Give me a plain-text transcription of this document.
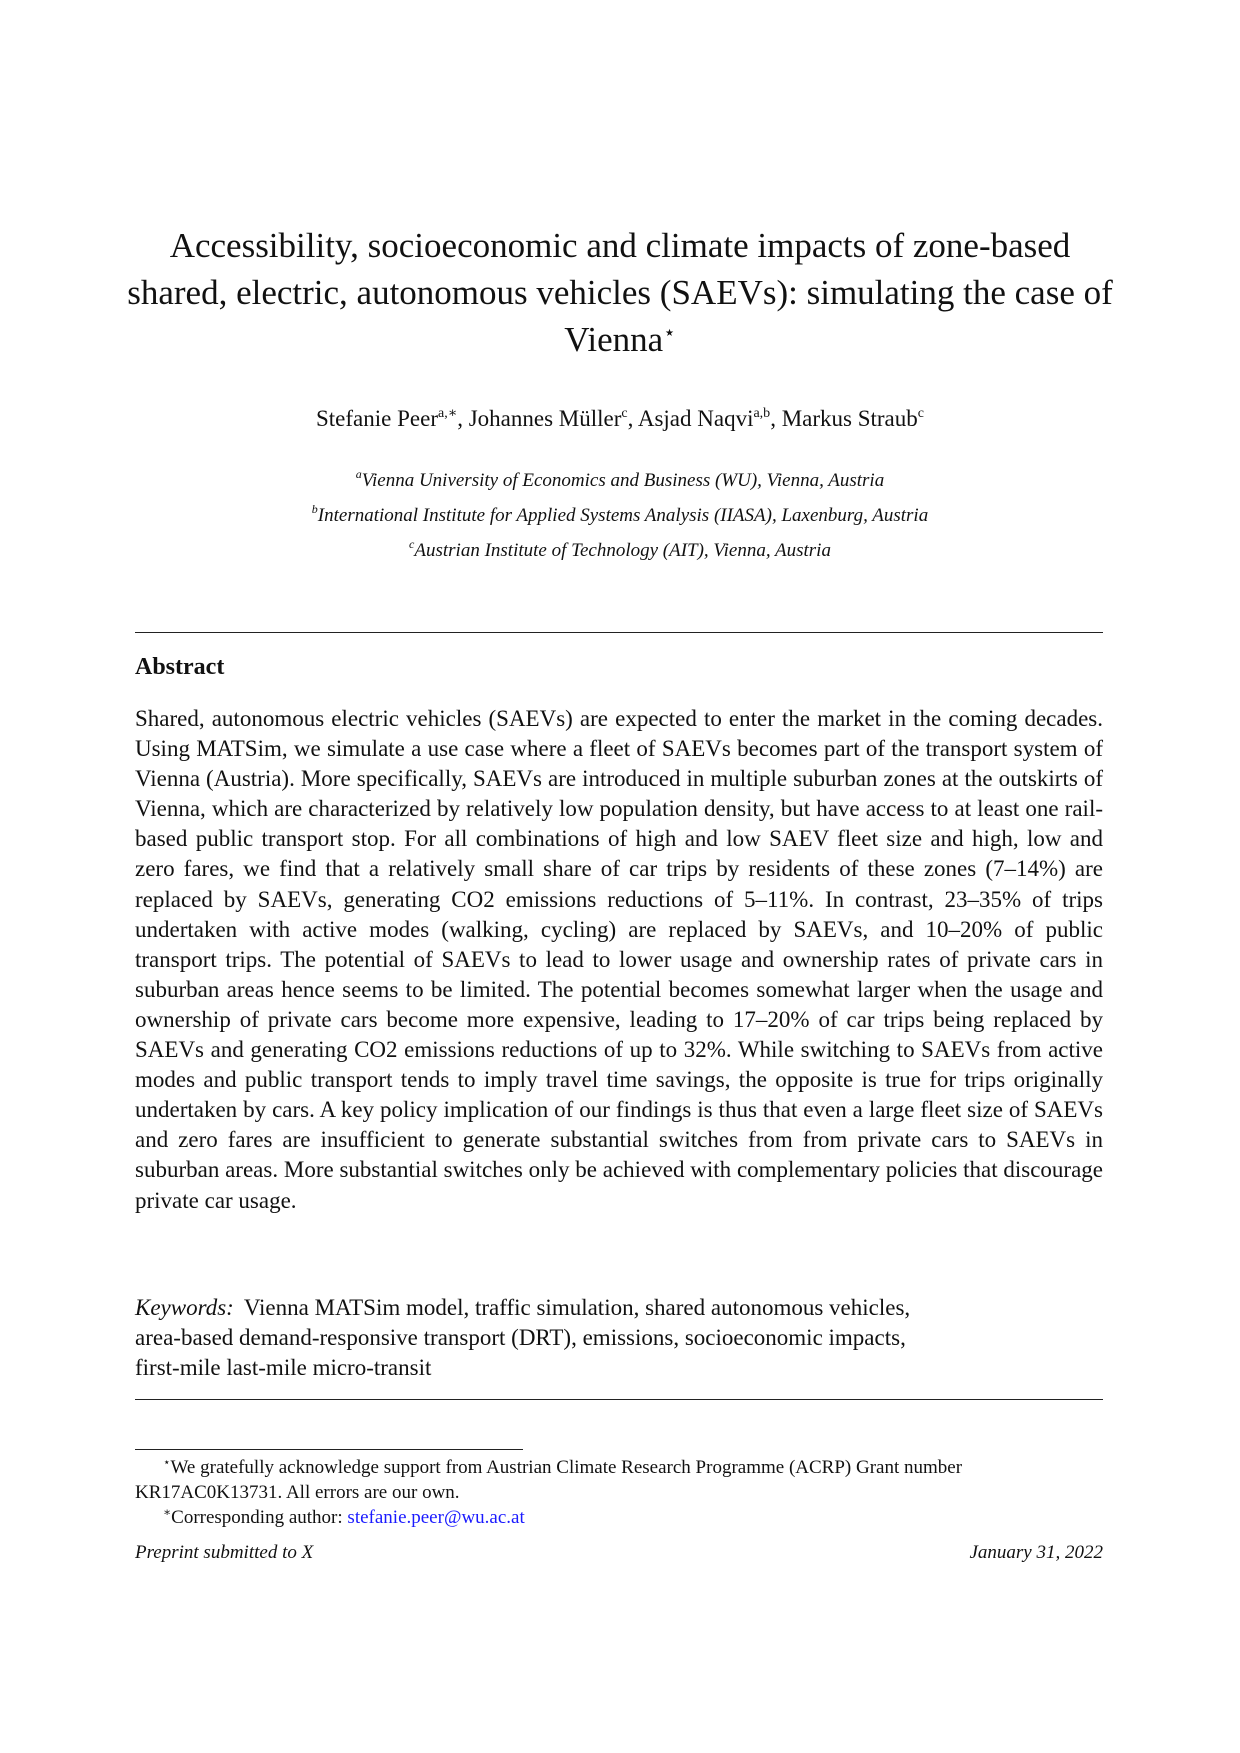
Accessibility, socioeconomic and climate impacts of zone-based shared, electric, autonomous vehicles (SAEVs): simulating the case of Vienna⋆
Stefanie Peer$^{a,∗}$, Johannes Müller$^c$, Asjad Naqvi$^{a,b}$, Markus Straub$^c$
$^a$Vienna University of Economics and Business (WU), Vienna, Austria
$^b$International Institute for Applied Systems Analysis (IIASA), Laxenburg, Austria
$^c$Austrian Institute of Technology (AIT), Vienna, Austria
Abstract

Shared, autonomous electric vehicles (SAEVs) are expected to enter the market in the coming decades. Using MATSim, we simulate a use case where a fleet of SAEVs becomes part of the transport system of Vienna (Austria). More specifically, SAEVs are introduced in multiple suburban zones at the outskirts of Vienna, which are characterized by relatively low population density, but have access to at least one rail-based public transport stop. For all combinations of high and low SAEV fleet size and high, low and zero fares, we find that a relatively small share of car trips by residents of these zones (7–14%) are replaced by SAEVs, generating CO2 emissions reductions of 5–11%. In contrast, 23–35% of trips undertaken with active modes (walking, cycling) are replaced by SAEVs, and 10–20% of public transport trips. The potential of SAEVs to lead to lower usage and ownership rates of private cars in suburban areas hence seems to be limited. The potential becomes somewhat larger when the usage and ownership of private cars become more expensive, leading to 17–20% of car trips being replaced by SAEVs and generating CO2 emissions reductions of up to 32%. While switching to SAEVs from active modes and public transport tends to imply travel time savings, the opposite is true for trips originally undertaken by cars. A key policy implication of our findings is thus that even a large fleet size of SAEVs and zero fares are insufficient to generate substantial switches from from private cars to SAEVs in suburban areas. More substantial switches only be achieved with complementary policies that discourage private car usage.

Keywords: Vienna MATSim model, traffic simulation, shared autonomous vehicles,
area-based demand-responsive transport (DRT), emissions, socioeconomic impacts,
first-mile last-mile micro-transit

⋆We gratefully acknowledge support from Austrian Climate Research Programme (ACRP) Grant number KR17AC0K13731. All errors are our own.

∗Corresponding author: stefanie.peer@wu.ac.at

Preprint submitted to X	January 31, 2022
